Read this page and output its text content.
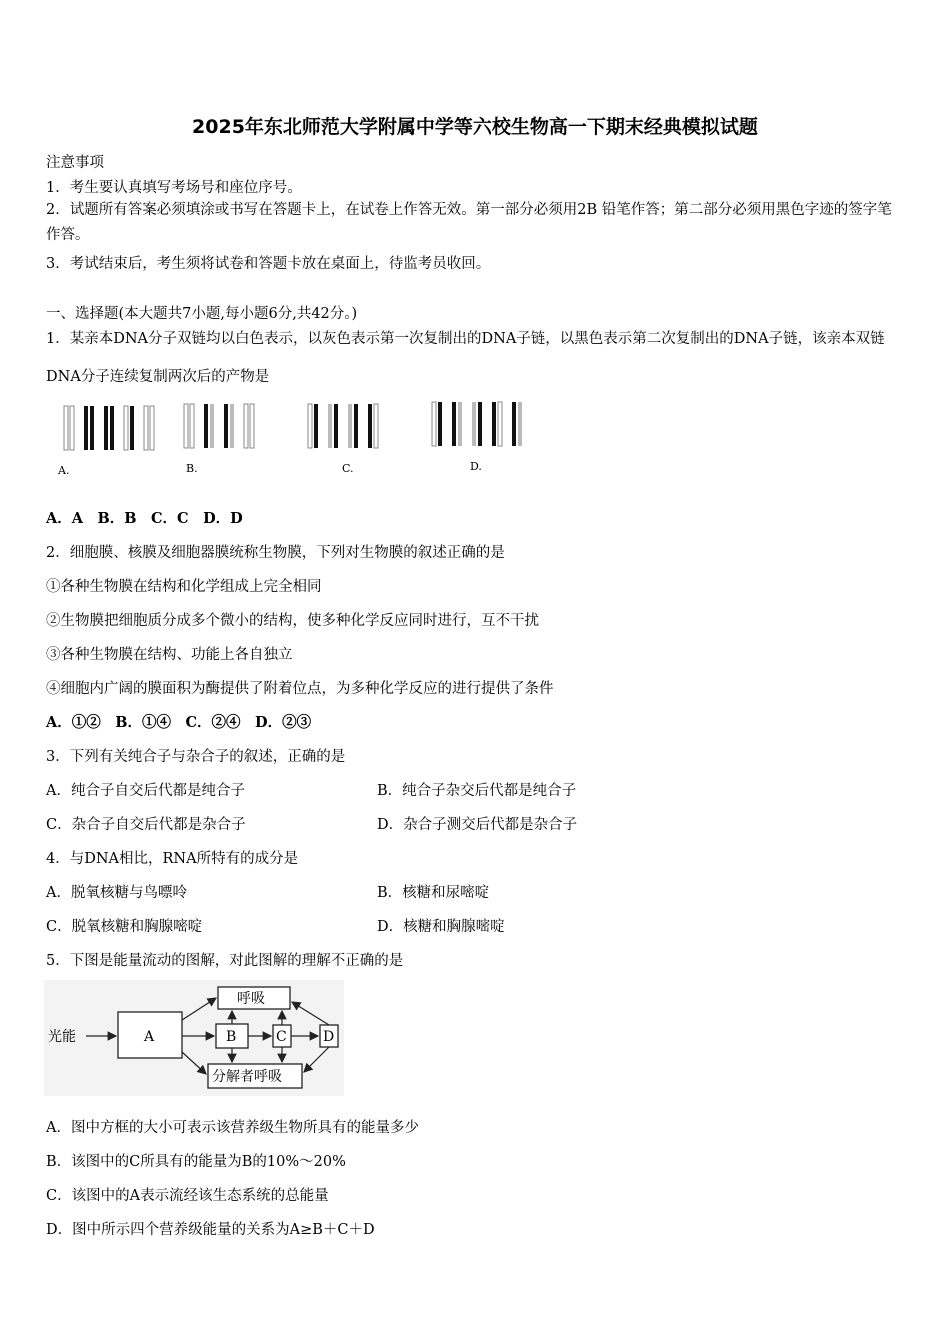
2025年东北师范大学附属中学等六校生物高一下期末经典模拟试题
注意事项
1．考生要认真填写考场号和座位序号。
2．试题所有答案必须填涂或书写在答题卡上，在试卷上作答无效。第一部分必须用2B 铅笔作答；第二部分必须用黑色字迹的签字笔作答。
3．考试结束后，考生须将试卷和答题卡放在桌面上，待监考员收回。
一、选择题(本大题共7小题,每小题6分,共42分。)
1．某亲本DNA分子双链均以白色表示，以灰色表示第一次复制出的DNA子链，以黑色表示第二次复制出的DNA子链，该亲本双链DNA分子连续复制两次后的产物是
A.	B.	C.	D.
A．A　B．B　C．C　D．D
2．细胞膜、核膜及细胞器膜统称生物膜，下列对生物膜的叙述正确的是
①各种生物膜在结构和化学组成上完全相同
②生物膜把细胞质分成多个微小的结构，使多种化学反应同时进行，互不干扰
③各种生物膜在结构、功能上各自独立
④细胞内广阔的膜面积为酶提供了附着位点，为多种化学反应的进行提供了条件
A．①②　B．①④　C．②④　D．②③
3．下列有关纯合子与杂合子的叙述，正确的是
A．纯合子自交后代都是纯合子	B．纯合子杂交后代都是纯合子
C．杂合子自交后代都是杂合子	D．杂合子测交后代都是杂合子
4．与DNA相比，RNA所特有的成分是
A．脱氧核糖与鸟嘌呤	B．核糖和尿嘧啶
C．脱氧核糖和胸腺嘧啶	D．核糖和胸腺嘧啶
5．下图是能量流动的图解，对此图解的理解不正确的是
光能	A
呼吸
B	C	D
分解者呼吸
A．图中方框的大小可表示该营养级生物所具有的能量多少
B．该图中的C所具有的能量为B的10%～20%
C．该图中的A表示流经该生态系统的总能量
D．图中所示四个营养级能量的关系为A≥B＋C＋D
